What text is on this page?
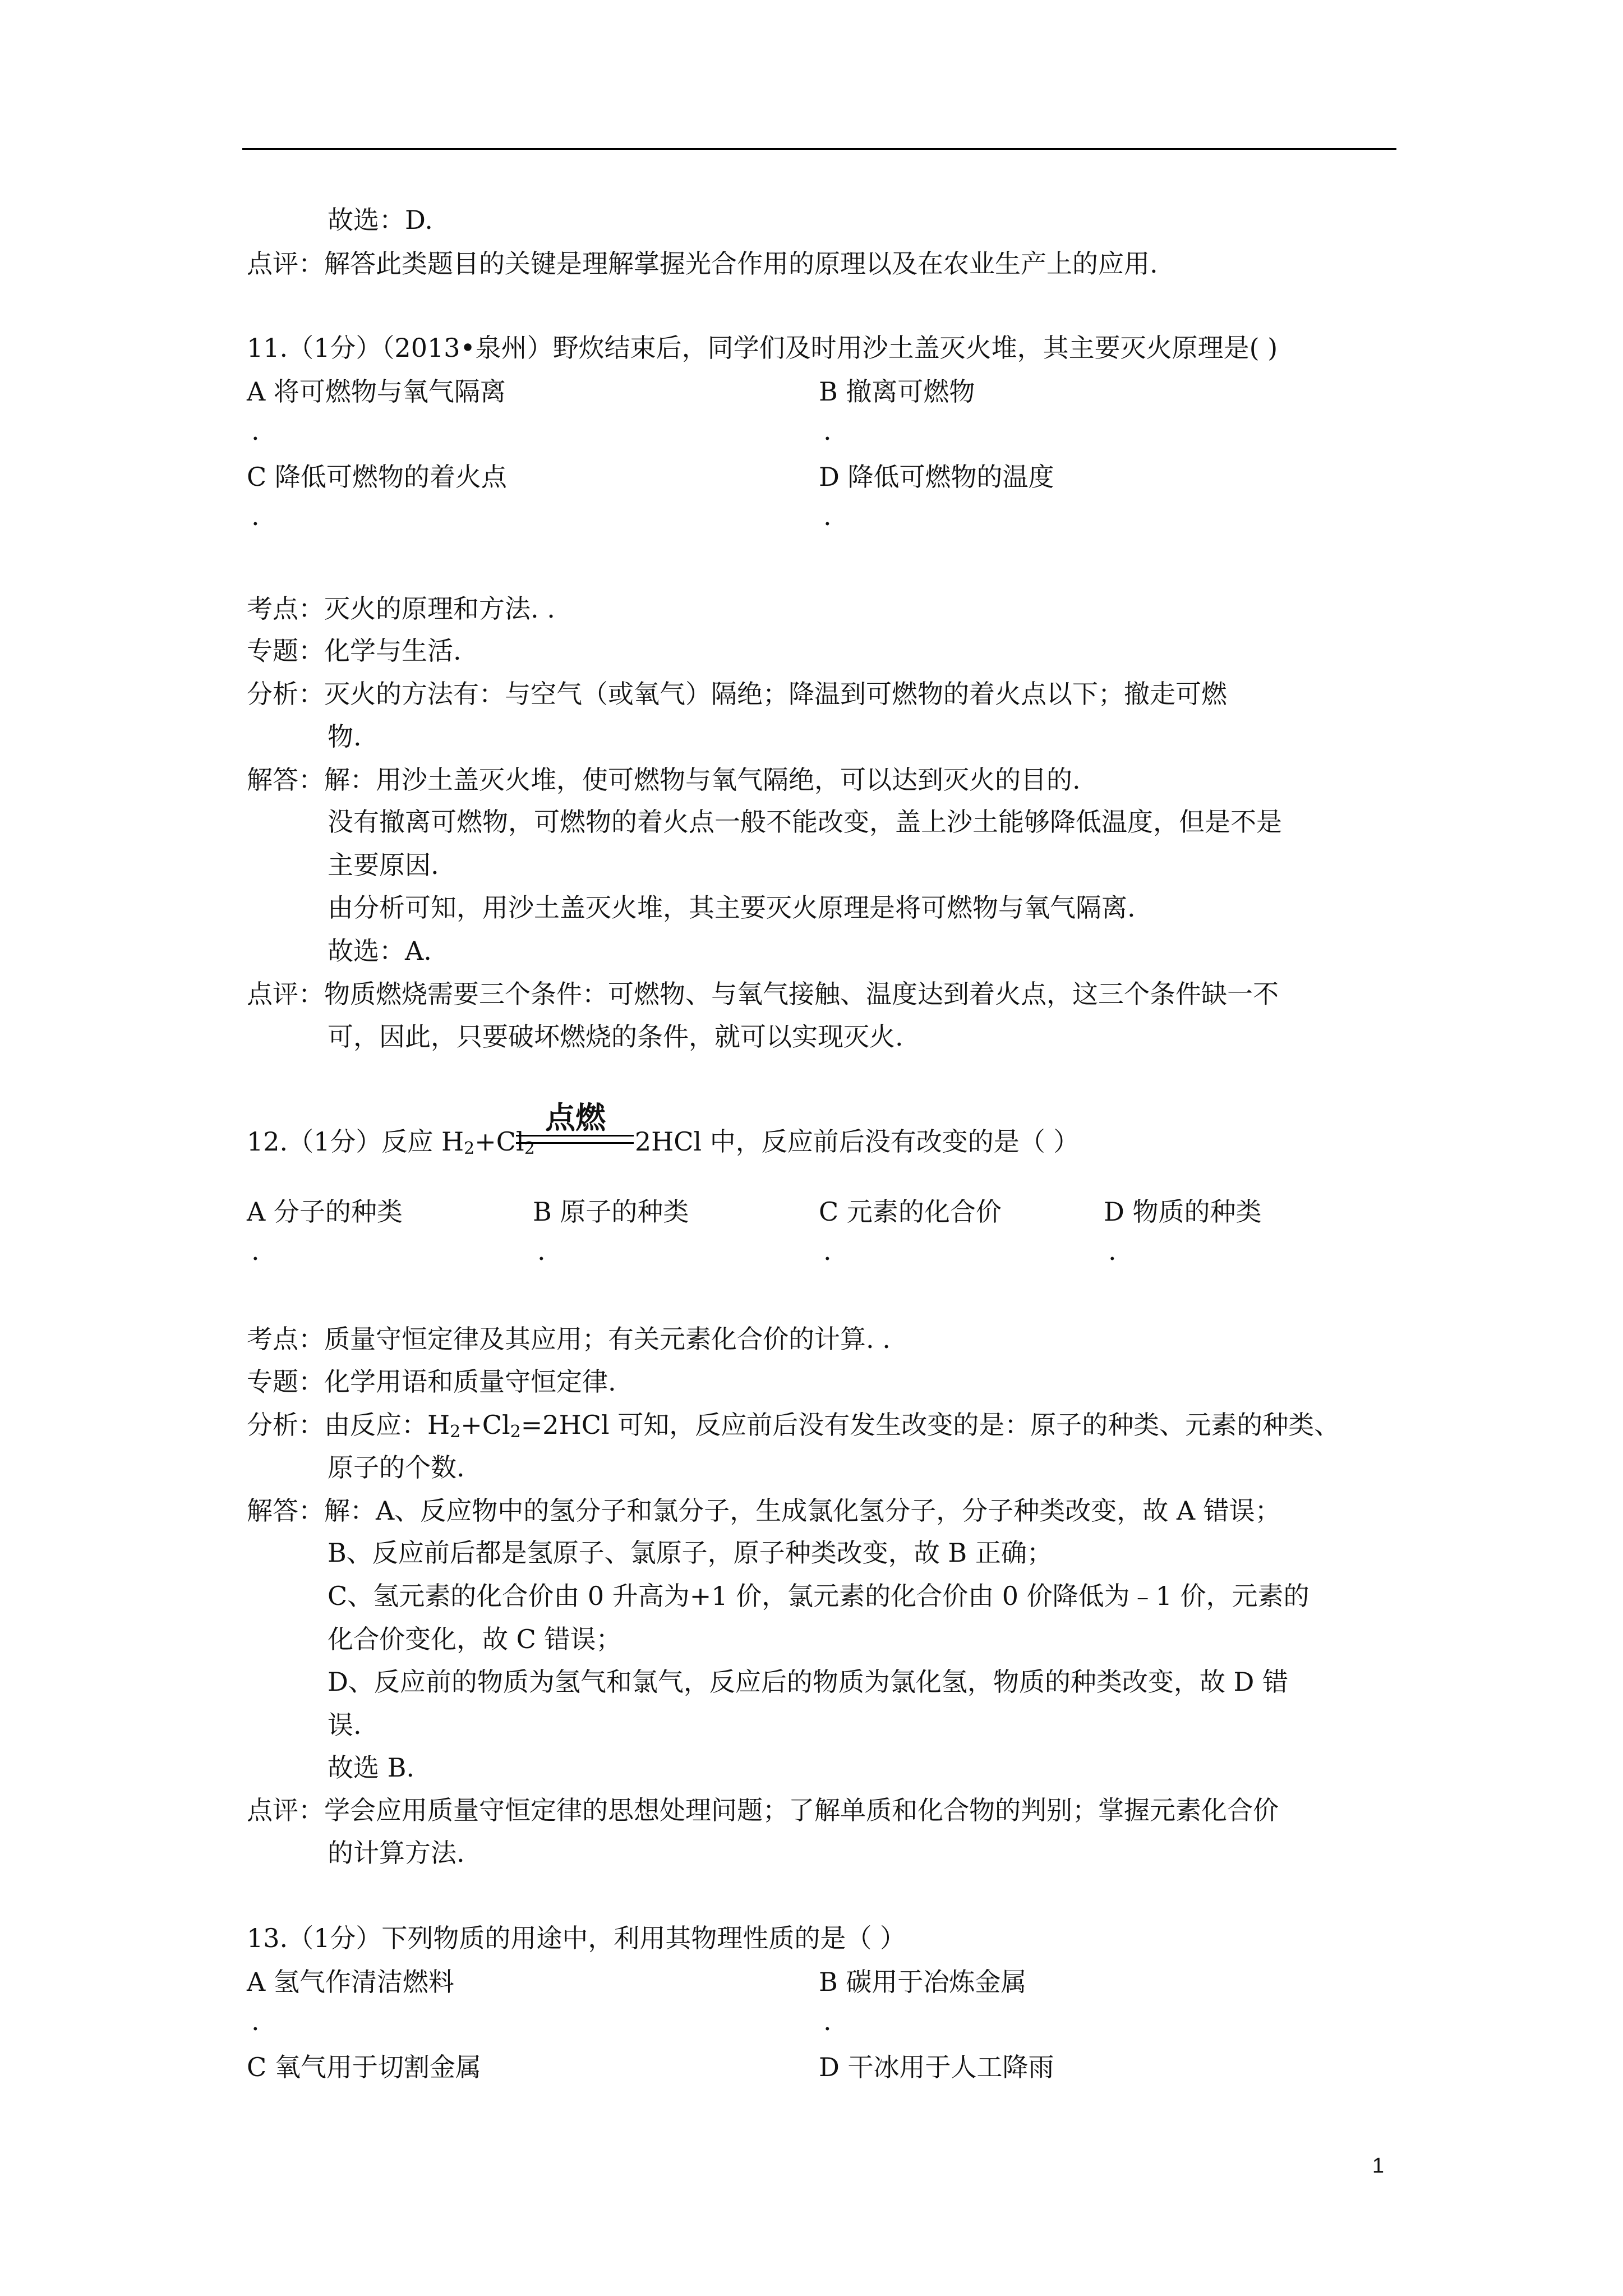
故选：D.
点评：解答此类题目的关键是理解掌握光合作用的原理以及在农业生产上的应用.
11.（1分）（2013•泉州）野炊结束后，同学们及时用沙土盖灭火堆，其主要灭火原理是( )
A 将可燃物与氧气隔离	B 撤离可燃物
.	.
C 降低可燃物的着火点	D 降低可燃物的温度
.	.
考点：灭火的原理和方法. .
专题：化学与生活.
分析：灭火的方法有：与空气（或氧气）隔绝；降温到可燃物的着火点以下；撤走可燃
物.
解答：解：用沙土盖灭火堆，使可燃物与氧气隔绝，可以达到灭火的目的.
没有撤离可燃物，可燃物的着火点一般不能改变，盖上沙土能够降低温度，但是不是
主要原因.
由分析可知，用沙土盖灭火堆，其主要灭火原理是将可燃物与氧气隔离.
故选：A.
点评：物质燃烧需要三个条件：可燃物、与氧气接触、温度达到着火点，这三个条件缺一不
可，因此，只要破坏燃烧的条件，就可以实现灭火.
12.（1分）反应 $H_2+Cl_2$	2HCl 中，反应前后没有改变的是（ ）
点燃
A 分子的种类	B 原子的种类	C 元素的化合价	D 物质的种类
.	.	.	.
考点：质量守恒定律及其应用；有关元素化合价的计算. .
专题：化学用语和质量守恒定律.
分析：由反应：$H_2+Cl_2=2HCl$ 可知，反应前后没有发生改变的是：原子的种类、元素的种类、
原子的个数.
解答：解：A、反应物中的氢分子和氯分子，生成氯化氢分子，分子种类改变，故 A 错误；
B、反应前后都是氢原子、氯原子，原子种类改变，故 B 正确；
C、氢元素的化合价由 0 升高为+1 价，氯元素的化合价由 0 价降低为﹣1 价，元素的
化合价变化，故 C 错误；
D、反应前的物质为氢气和氯气，反应后的物质为氯化氢，物质的种类改变，故 D 错
误.
故选 B.
点评：学会应用质量守恒定律的思想处理问题；了解单质和化合物的判别；掌握元素化合价
的计算方法.
13.（1分）下列物质的用途中，利用其物理性质的是（ ）
A 氢气作清洁燃料	B 碳用于冶炼金属
.	.
C 氧气用于切割金属	D 干冰用于人工降雨
1
